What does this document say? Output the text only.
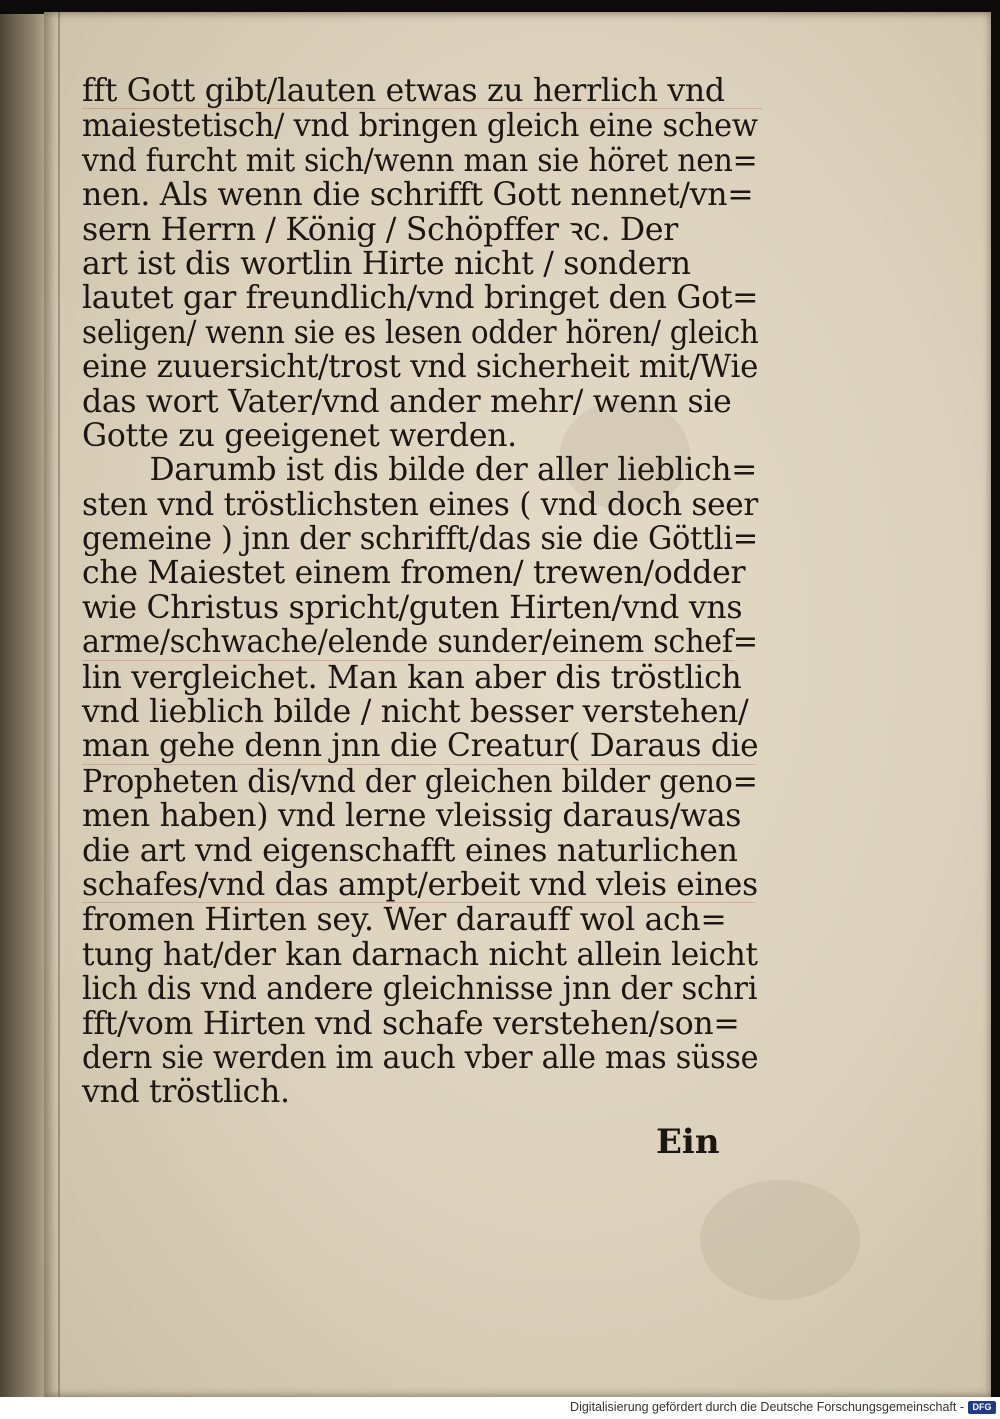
fft Gott gibt/lauten etwas zu herrlich vnd
maiestetisch/ vnd bringen gleich eine schew
vnd furcht mit sich/wenn man sie höret nen=
nen. Als wenn die schrifft Gott nennet/vn=
sern Herrn / König / Schöpffer ꝛc. Der
art ist dis wortlin Hirte nicht / sondern
lautet gar freundlich/vnd bringet den Got=
seligen/ wenn sie es lesen odder hören/ gleich
eine zuuersicht/trost vnd sicherheit mit/Wie
das wort Vater/vnd ander mehr/ wenn sie
Gotte zu geeigenet werden.
Darumb ist dis bilde der aller lieblich=
sten vnd tröstlichsten eines ( vnd doch seer
gemeine ) jnn der schrifft/das sie die Göttli=
che Maiestet einem fromen/ trewen/odder
wie Christus spricht/guten Hirten/vnd vns
arme/schwache/elende sunder/einem schef=
lin vergleichet. Man kan aber dis tröstlich
vnd lieblich bilde / nicht besser verstehen/
man gehe denn jnn die Creatur( Daraus die
Propheten dis/vnd der gleichen bilder geno=
men haben) vnd lerne vleissig daraus/was
die art vnd eigenschafft eines naturlichen
schafes/vnd das ampt/erbeit vnd vleis eines
fromen Hirten sey. Wer darauff wol ach=
tung hat/der kan darnach nicht allein leicht
lich dis vnd andere gleichnisse jnn der schri
fft/vom Hirten vnd schafe verstehen/son=
dern sie werden im auch vber alle mas süsse
vnd tröstlich.
Ein
Digitalisierung gefördert durch die Deutsche Forschungsgemeinschaft - DFG
